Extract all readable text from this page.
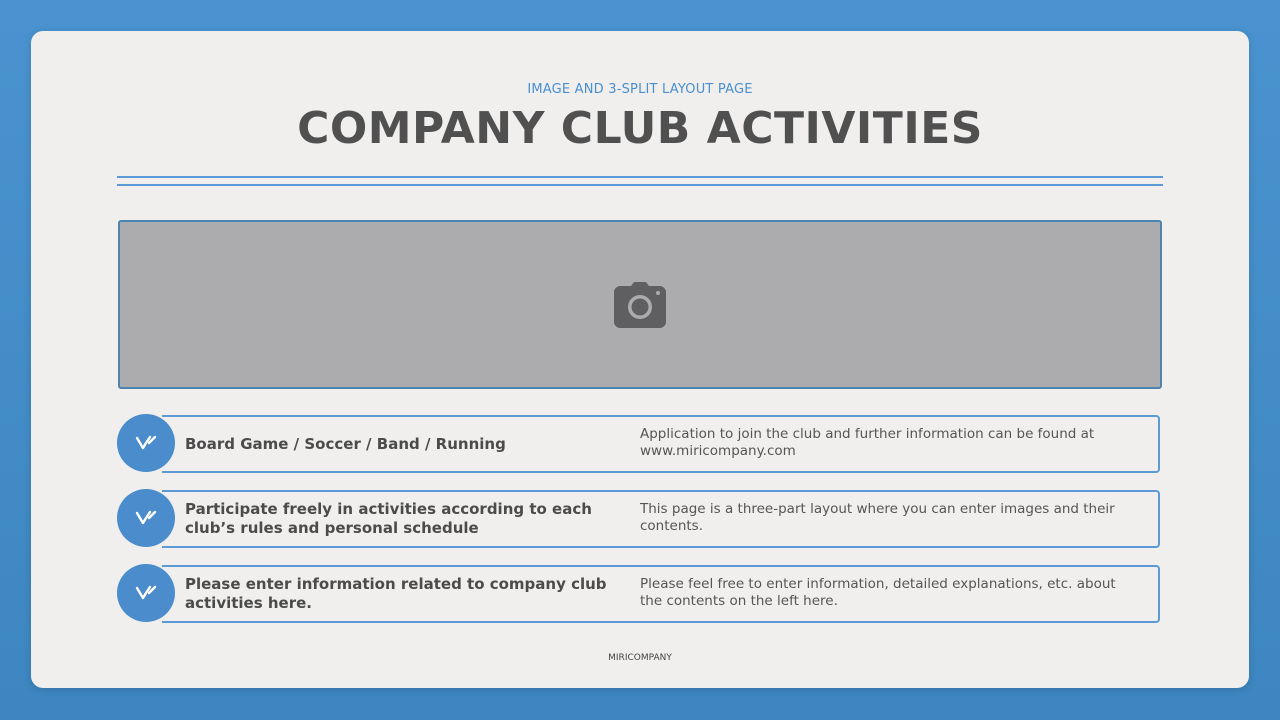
IMAGE AND 3-SPLIT LAYOUT PAGE
COMPANY CLUB ACTIVITIES
Board Game / Soccer / Band / Running
Application to join the club and further information can be found at www.miricompany.com
Participate freely in activities according to each club’s rules and personal schedule
This page is a three-part layout where you can enter images and their contents.
Please enter information related to company club activities here.
Please feel free to enter information, detailed explanations, etc. about the contents on the left here.
MIRICOMPANY
